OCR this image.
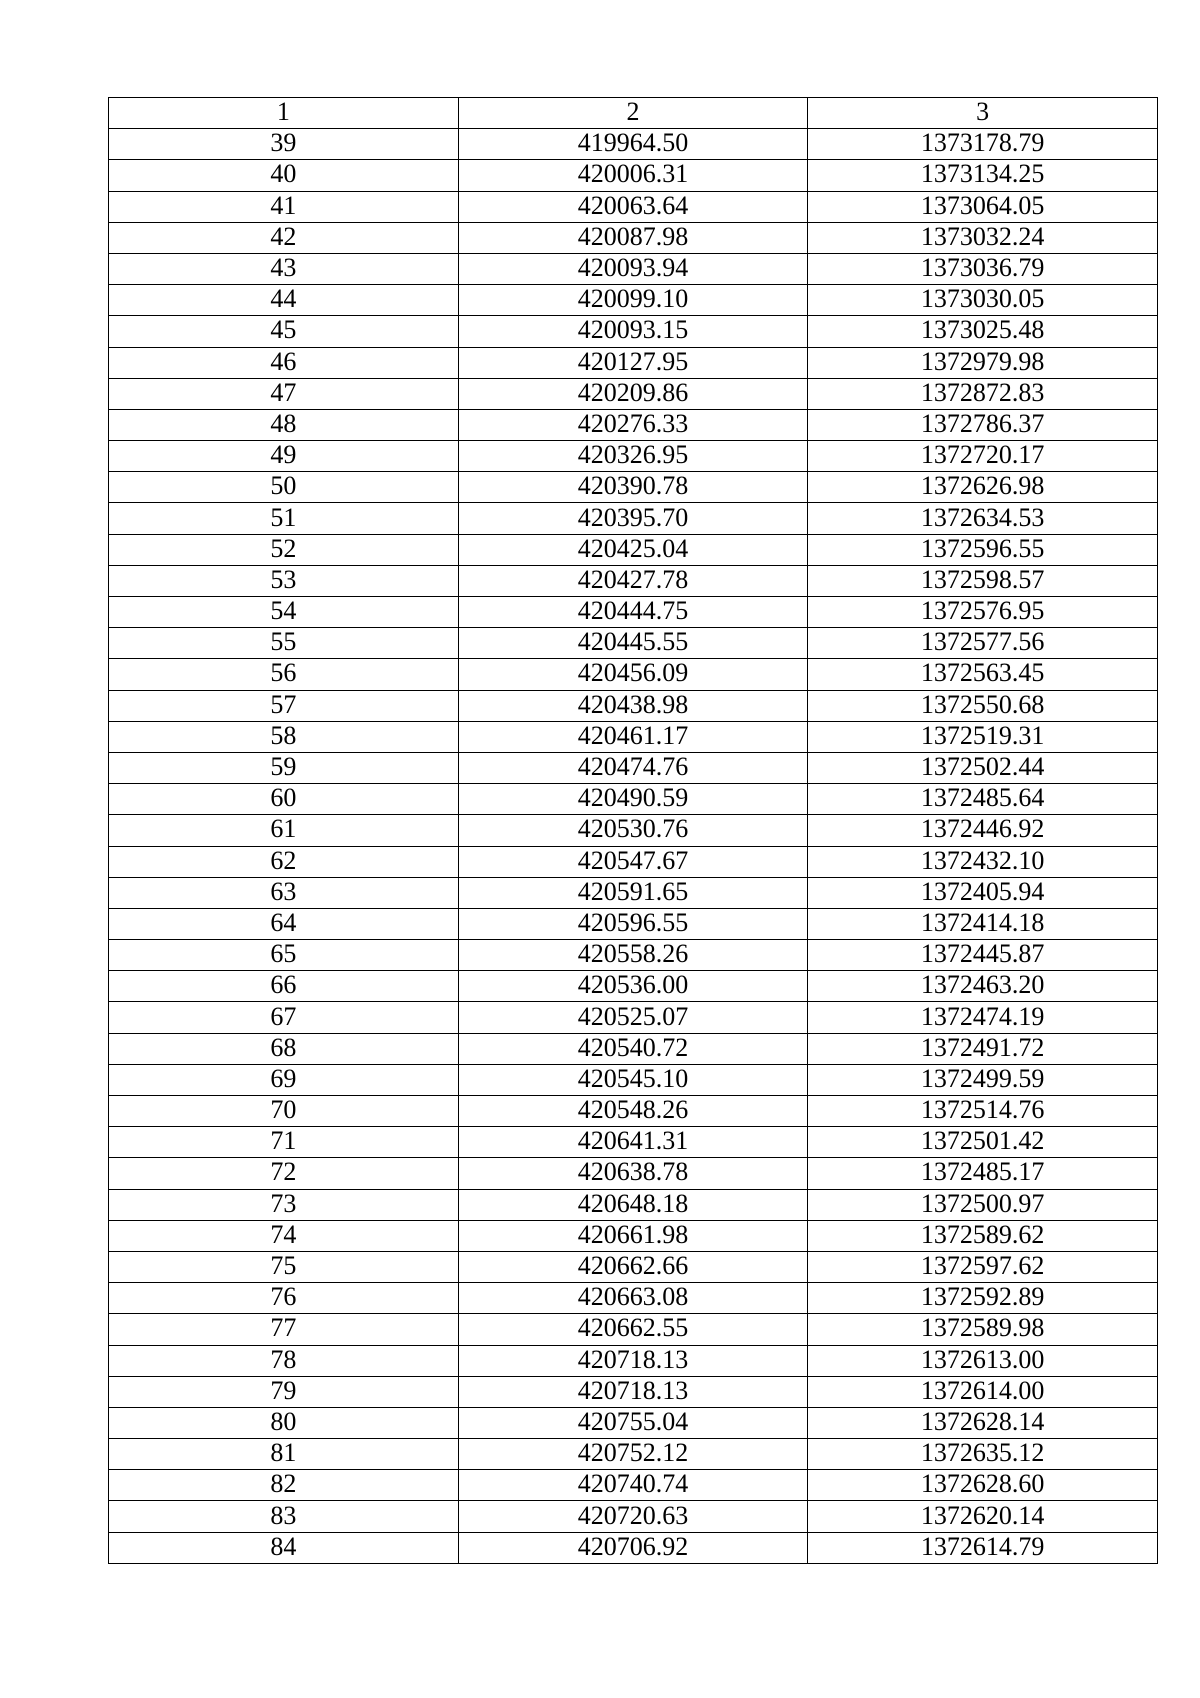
1	2	3
39	419964.50	1373178.79
40	420006.31	1373134.25
41	420063.64	1373064.05
42	420087.98	1373032.24
43	420093.94	1373036.79
44	420099.10	1373030.05
45	420093.15	1373025.48
46	420127.95	1372979.98
47	420209.86	1372872.83
48	420276.33	1372786.37
49	420326.95	1372720.17
50	420390.78	1372626.98
51	420395.70	1372634.53
52	420425.04	1372596.55
53	420427.78	1372598.57
54	420444.75	1372576.95
55	420445.55	1372577.56
56	420456.09	1372563.45
57	420438.98	1372550.68
58	420461.17	1372519.31
59	420474.76	1372502.44
60	420490.59	1372485.64
61	420530.76	1372446.92
62	420547.67	1372432.10
63	420591.65	1372405.94
64	420596.55	1372414.18
65	420558.26	1372445.87
66	420536.00	1372463.20
67	420525.07	1372474.19
68	420540.72	1372491.72
69	420545.10	1372499.59
70	420548.26	1372514.76
71	420641.31	1372501.42
72	420638.78	1372485.17
73	420648.18	1372500.97
74	420661.98	1372589.62
75	420662.66	1372597.62
76	420663.08	1372592.89
77	420662.55	1372589.98
78	420718.13	1372613.00
79	420718.13	1372614.00
80	420755.04	1372628.14
81	420752.12	1372635.12
82	420740.74	1372628.60
83	420720.63	1372620.14
84	420706.92	1372614.79
